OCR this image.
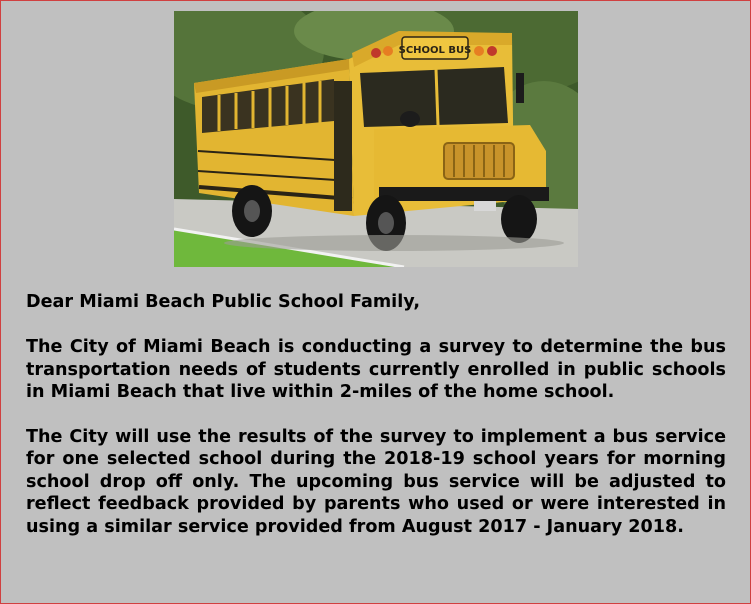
SCHOOL BUS

Dear Miami Beach Public School Family,

The City of Miami Beach is conducting a survey to determine the bus transportation needs of students currently enrolled in public schools in Miami Beach that live within 2-miles of the home school.

The City will use the results of the survey to implement a bus service for one selected school during the 2018-19 school years for morning school drop off only. The upcoming bus service will be adjusted to reflect feedback provided by parents who used or were interested in using a similar service provided from August 2017 - January 2018.
